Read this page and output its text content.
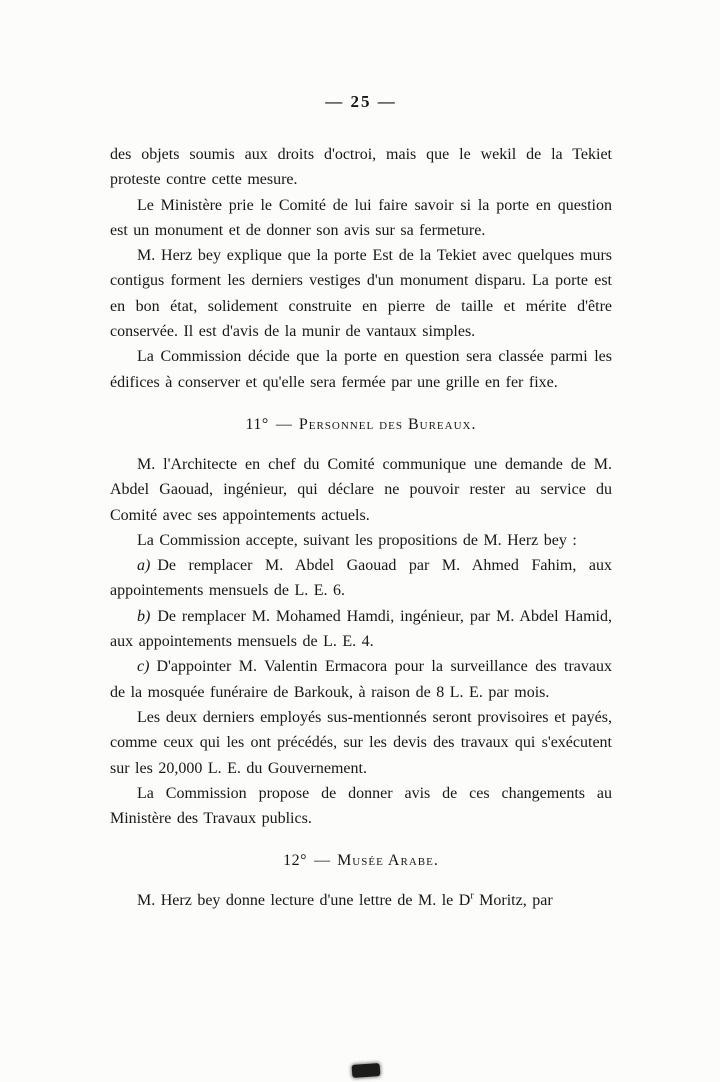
— 25 —

des objets soumis aux droits d'octroi, mais que le wekil de la Tekiet proteste contre cette mesure.

Le Ministère prie le Comité de lui faire savoir si la porte en question est un monument et de donner son avis sur sa fermeture.

M. Herz bey explique que la porte Est de la Tekiet avec quelques murs contigus forment les derniers vestiges d'un monument disparu. La porte est en bon état, solidement construite en pierre de taille et mérite d'être conservée. Il est d'avis de la munir de vantaux simples.

La Commission décide que la porte en question sera classée parmi les édifices à conserver et qu'elle sera fermée par une grille en fer fixe.

11° — Personnel des Bureaux.

M. l'Architecte en chef du Comité communique une demande de M. Abdel Gaouad, ingénieur, qui déclare ne pouvoir rester au service du Comité avec ses appointements actuels.

La Commission accepte, suivant les propositions de M. Herz bey :

a) De remplacer M. Abdel Gaouad par M. Ahmed Fahim, aux appointements mensuels de L. E. 6.

b) De remplacer M. Mohamed Hamdi, ingénieur, par M. Abdel Hamid, aux appointements mensuels de L. E. 4.

c) D'appointer M. Valentin Ermacora pour la surveillance des travaux de la mosquée funéraire de Barkouk, à raison de 8 L. E. par mois.

Les deux derniers employés sus-mentionnés seront provisoires et payés, comme ceux qui les ont précédés, sur les devis des travaux qui s'exécutent sur les 20,000 L. E. du Gouvernement.

La Commission propose de donner avis de ces changements au Ministère des Travaux publics.

12° — Musée Arabe.

M. Herz bey donne lecture d'une lettre de M. le $D^r$ Moritz, par
